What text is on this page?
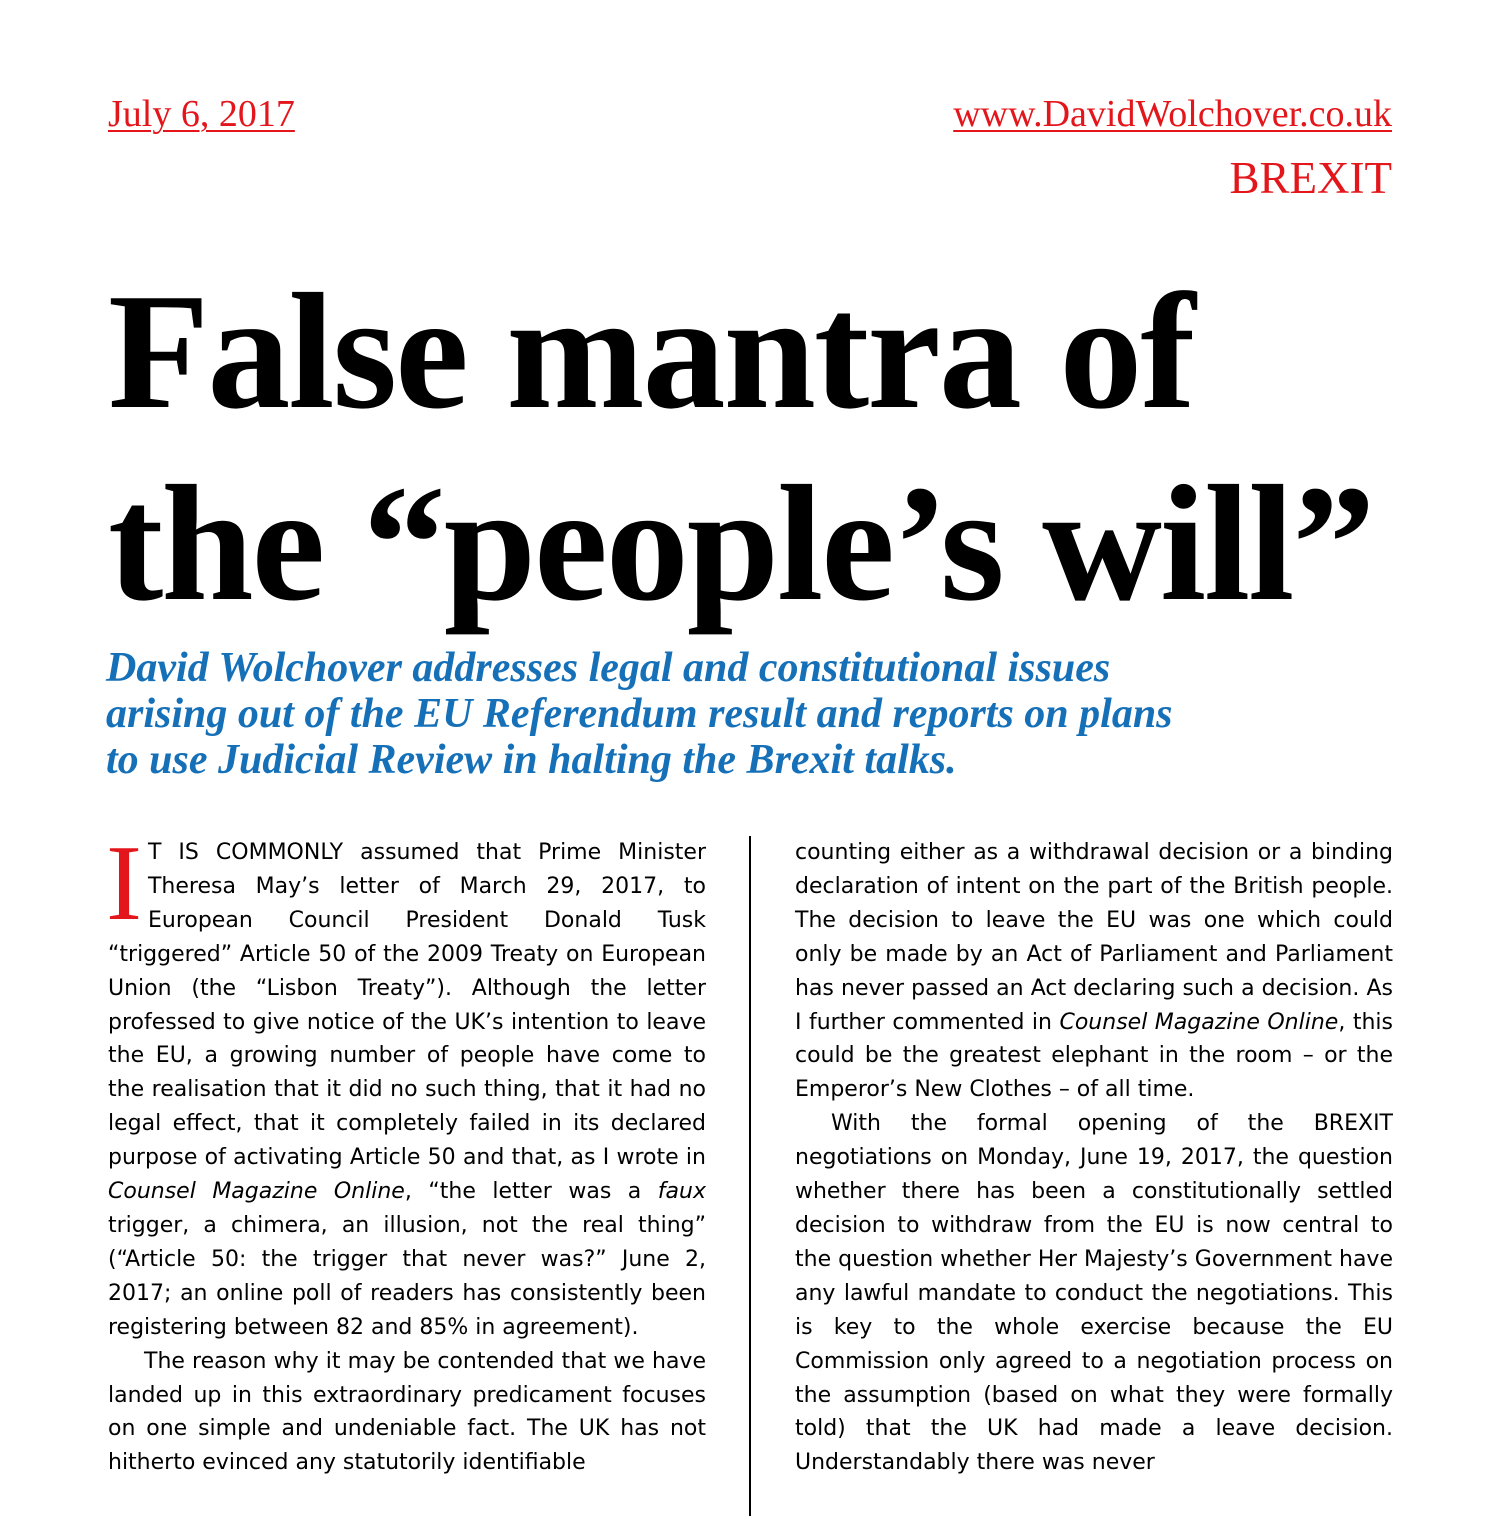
July 6, 2017	www.DavidWolchover.co.uk
BREXIT
False mantra of
the “people’s will”
David Wolchover addresses legal and constitutional issues
arising out of the EU Referendum result and reports on plans
to use Judicial Review in halting the Brexit talks.

I T IS COMMONLY assumed that Prime Minister Theresa May’s letter of March 29, 2017, to European Council President Donald Tusk “triggered” Article 50 of the 2009 Treaty on European Union (the “Lisbon Treaty”). Although the letter professed to give notice of the UK’s intention to leave the EU, a growing number of people have come to the realisation that it did no such thing, that it had no legal effect, that it completely failed in its declared purpose of activating Article 50 and that, as I wrote in Counsel Magazine Online, “the letter was a faux trigger, a chimera, an illusion, not the real thing” (“Article 50: the trigger that never was?” June 2, 2017; an online poll of readers has consistently been registering between 82 and 85% in agreement).

The reason why it may be contended that we have landed up in this extraordinary predicament focuses on one simple and undeniable fact. The UK has not hitherto evinced any statutorily identifiable

counting either as a withdrawal decision or a binding declaration of intent on the part of the British people. The decision to leave the EU was one which could only be made by an Act of Parliament and Parliament has never passed an Act declaring such a decision. As I further commented in Counsel Magazine Online, this could be the greatest elephant in the room – or the Emperor’s New Clothes – of all time.

With the formal opening of the BREXIT negotiations on Monday, June 19, 2017, the question whether there has been a constitutionally settled decision to withdraw from the EU is now central to the question whether Her Majesty’s Government have any lawful mandate to conduct the negotiations. This is key to the whole exercise because the EU Commission only agreed to a negotiation process on the assumption (based on what they were formally told) that the UK had made a leave decision. Understandably there was never
